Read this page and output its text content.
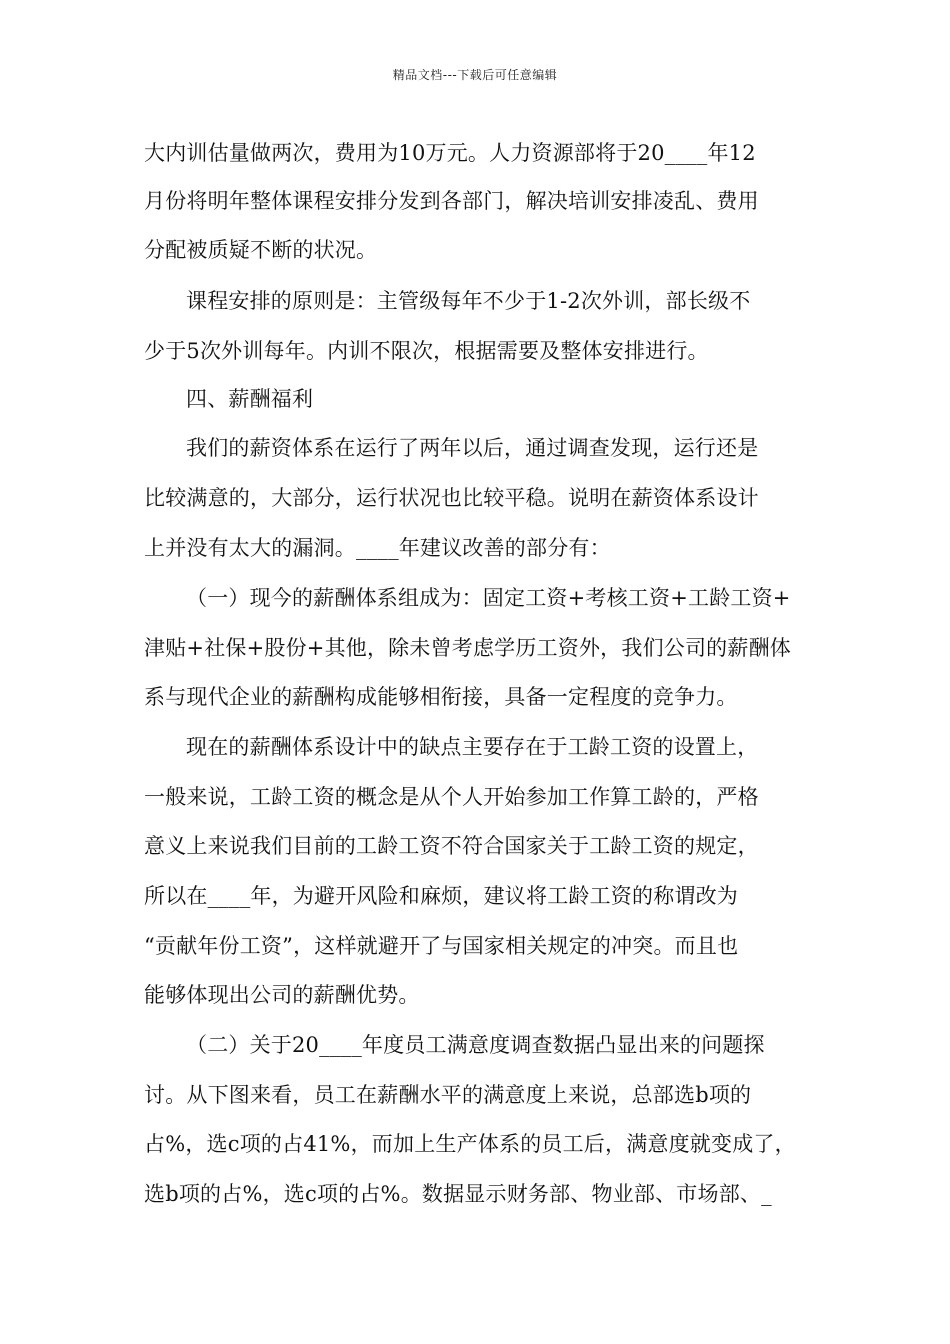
精品文档---下载后可任意编辑
大内训估量做两次，费用为10万元。人力资源部将于20____年12
月份将明年整体课程安排分发到各部门，解决培训安排凌乱、费用
分配被质疑不断的状况。
课程安排的原则是：主管级每年不少于1-2次外训，部长级不
少于5次外训每年。内训不限次，根据需要及整体安排进行。
四、薪酬福利
我们的薪资体系在运行了两年以后，通过调查发现，运行还是
比较满意的，大部分，运行状况也比较平稳。说明在薪资体系设计
上并没有太大的漏洞。____年建议改善的部分有：
（一）现今的薪酬体系组成为：固定工资+考核工资+工龄工资+
津贴+社保+股份+其他，除未曾考虑学历工资外，我们公司的薪酬体
系与现代企业的薪酬构成能够相衔接，具备一定程度的竞争力。
现在的薪酬体系设计中的缺点主要存在于工龄工资的设置上，
一般来说，工龄工资的概念是从个人开始参加工作算工龄的，严格
意义上来说我们目前的工龄工资不符合国家关于工龄工资的规定，
所以在____年，为避开风险和麻烦，建议将工龄工资的称谓改为
“贡献年份工资”，这样就避开了与国家相关规定的冲突。而且也
能够体现出公司的薪酬优势。
（二）关于20____年度员工满意度调查数据凸显出来的问题探
讨。从下图来看，员工在薪酬水平的满意度上来说，总部选b项的
占%，选c项的占41%，而加上生产体系的员工后，满意度就变成了，
选b项的占%，选c项的占%。数据显示财务部、物业部、市场部、_
